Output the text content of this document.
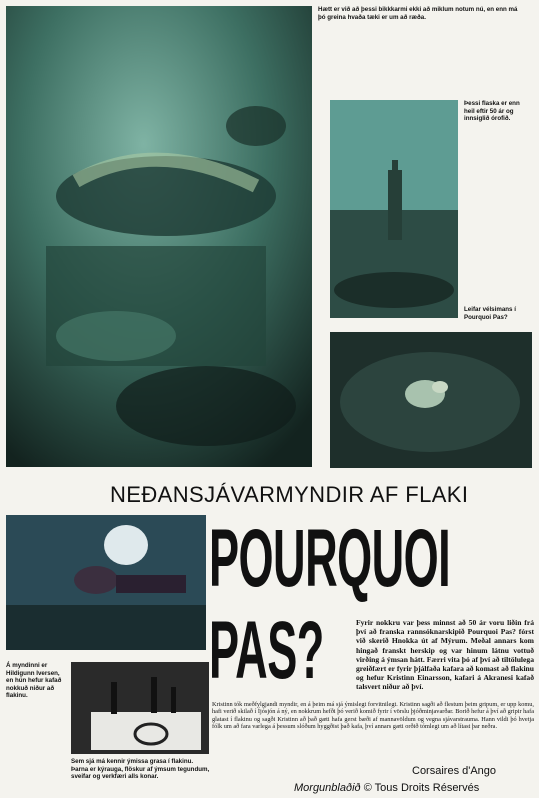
Hætt er við að þessi bikkkarmi ekki að miklum notum nú, en enn má þó greina hvaða tæki er um að ræða.
Þessi flaska er enn heil eftir 50 ár og innsiglið órofið.
Leifar vélsimans í Pourquoi Pas?
NEÐANSJÁVARMYNDIR AF FLAKI
POURQUOI
PAS?
Á myndinni er Hildigunn Iversen, en hún hefur kafað nokkuð niður að flakinu.
Sem sjá má kennir ýmissa grasa í flakinu. Þarna er kýrauga, flöskur af ýmsum tegundum, sveifar og verkfæri alls konar.
Fyrir nokkru var þess minnst að 50 ár voru liðin frá því að franska rannsóknarskipið Pourquoi Pas? fórst við skerið Hnokka út af Mýrum. Meðal annars kom hingað franskt herskip og var hinum látnu vottuð virðing á ýmsan hátt. Færri vita þó af því að tiltölulega greiðfært er fyrir þjálfaða kafara að komast að flakinu og hefur Kristinn Einarsson, kafari á Akranesi kafað talsvert niður að því.
Kristinn tók meðfylgjandi myndir, en á þeim má sjá ýmislegt forvitnilegt. Kristinn sagði að flestum þeim gripum, er upp komu, hafi verið skilað í Íjósjón á ný, en nokkrum hefði þó verið komið fyrir í vörslu þjóðminjavarðar. Borið hefur á því að gripir hafa glatast í flakinu og sagði Kristinn að það gæti hafa gerst bæði af mannavöldum og vegna sjávarstrauma. Hann vildi þó hvetja fólk um að fara varlega á þessum slóðum hyggðist það kafa, því annars gæti orðið tómlegt um að lítast þar neðra.
Corsaires d'Ango
Morgunblaðið © Tous Droits Réservés
